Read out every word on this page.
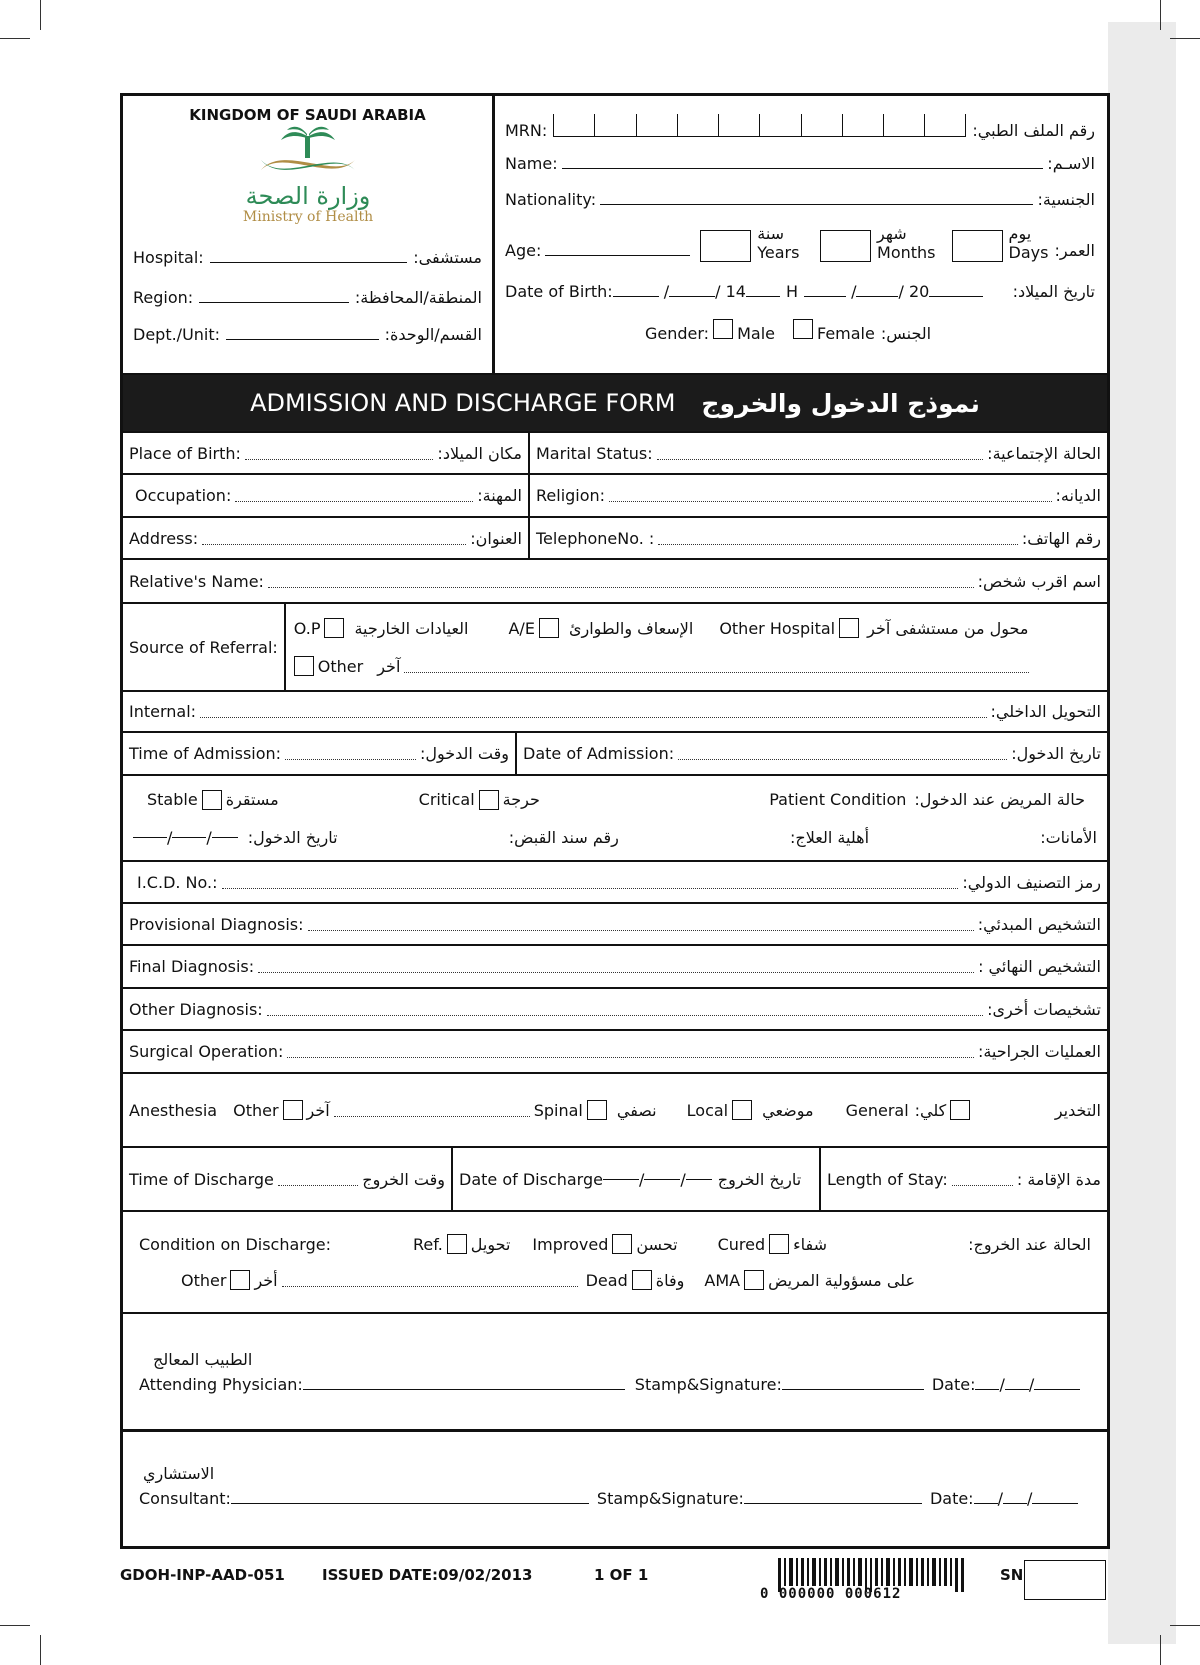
KINGDOM OF SAUDI ARABIA
وزارة الصحة
Ministry of Health
Hospital:	مستشفى:
Region:	المنطقة/المحافظة:
Dept./Unit:	القسم/الوحدة:
MRN:	رقم الملف الطبي:
Name:	الاسـم:
Nationality:	الجنسية:
Age:
سنة
Years
شهر
Months
يوم
Days العمر:
Date of Birth:	/	/ 14	H	/	/ 20	تاريخ الميلاد:
Gender: Male	Female الجنس:
ADMISSION AND DISCHARGE FORM نموذج الدخول والخروج
Place of Birth:	مكان الميلاد: Marital Status:	الحالة الإجتماعية:
Occupation:	المهنة: Religion:	الديانه:
Address:	العنوان: TelephoneNo. :	رقم الهاتف:
Relative's Name:	اسم اقرب شخص:
Source of Referral:
O.P العيادات الخارجية	A/E الإسعاف والطوارئ Other Hospital محول من مستشفى آخر
Other آخر
Internal:	التحويل الداخلي:
Time of Admission:	وقت الدخول: Date of Admission:	تاريخ الدخول:
Stable مستقرة	Critical حرجة	Patient Condition حالة المريض عند الدخول:
/ / تاريخ الدخول:	رقم سند القبض:	أهلية العلاج:	الأمانات:
I.C.D. No.:	رمز التصنيف الدولي:
Provisional Diagnosis:	التشخيص المبدئي:
Final Diagnosis:	التشخيص النهائي :
Other Diagnosis:	تشخيصات أخرى:
Surgical Operation:	العمليات الجراحية:
Anesthesia Other آخر	Spinal نصفي Local موضعي General كلي:	التخدير
Time of Discharge	وقت الخروج Date of Discharge / / تاريخ الخروج Length of Stay:	مدة الإقامة :
Condition on Discharge:	Ref. تحويل Improved تحسن	Cured شفاء	الحالة عند الخروج:
Other أخر	Dead وفاة AMA على مسؤولية المريض
الطبيب المعالج
Attending Physician:	Stamp&Signature:	Date: / /
الاستشاري
Consultant:	Stamp&Signature:	Date: / /
GDOH-INP-AAD-051 ISSUED DATE:09/02/2013	1 OF 1
0 000000 000612
SN
